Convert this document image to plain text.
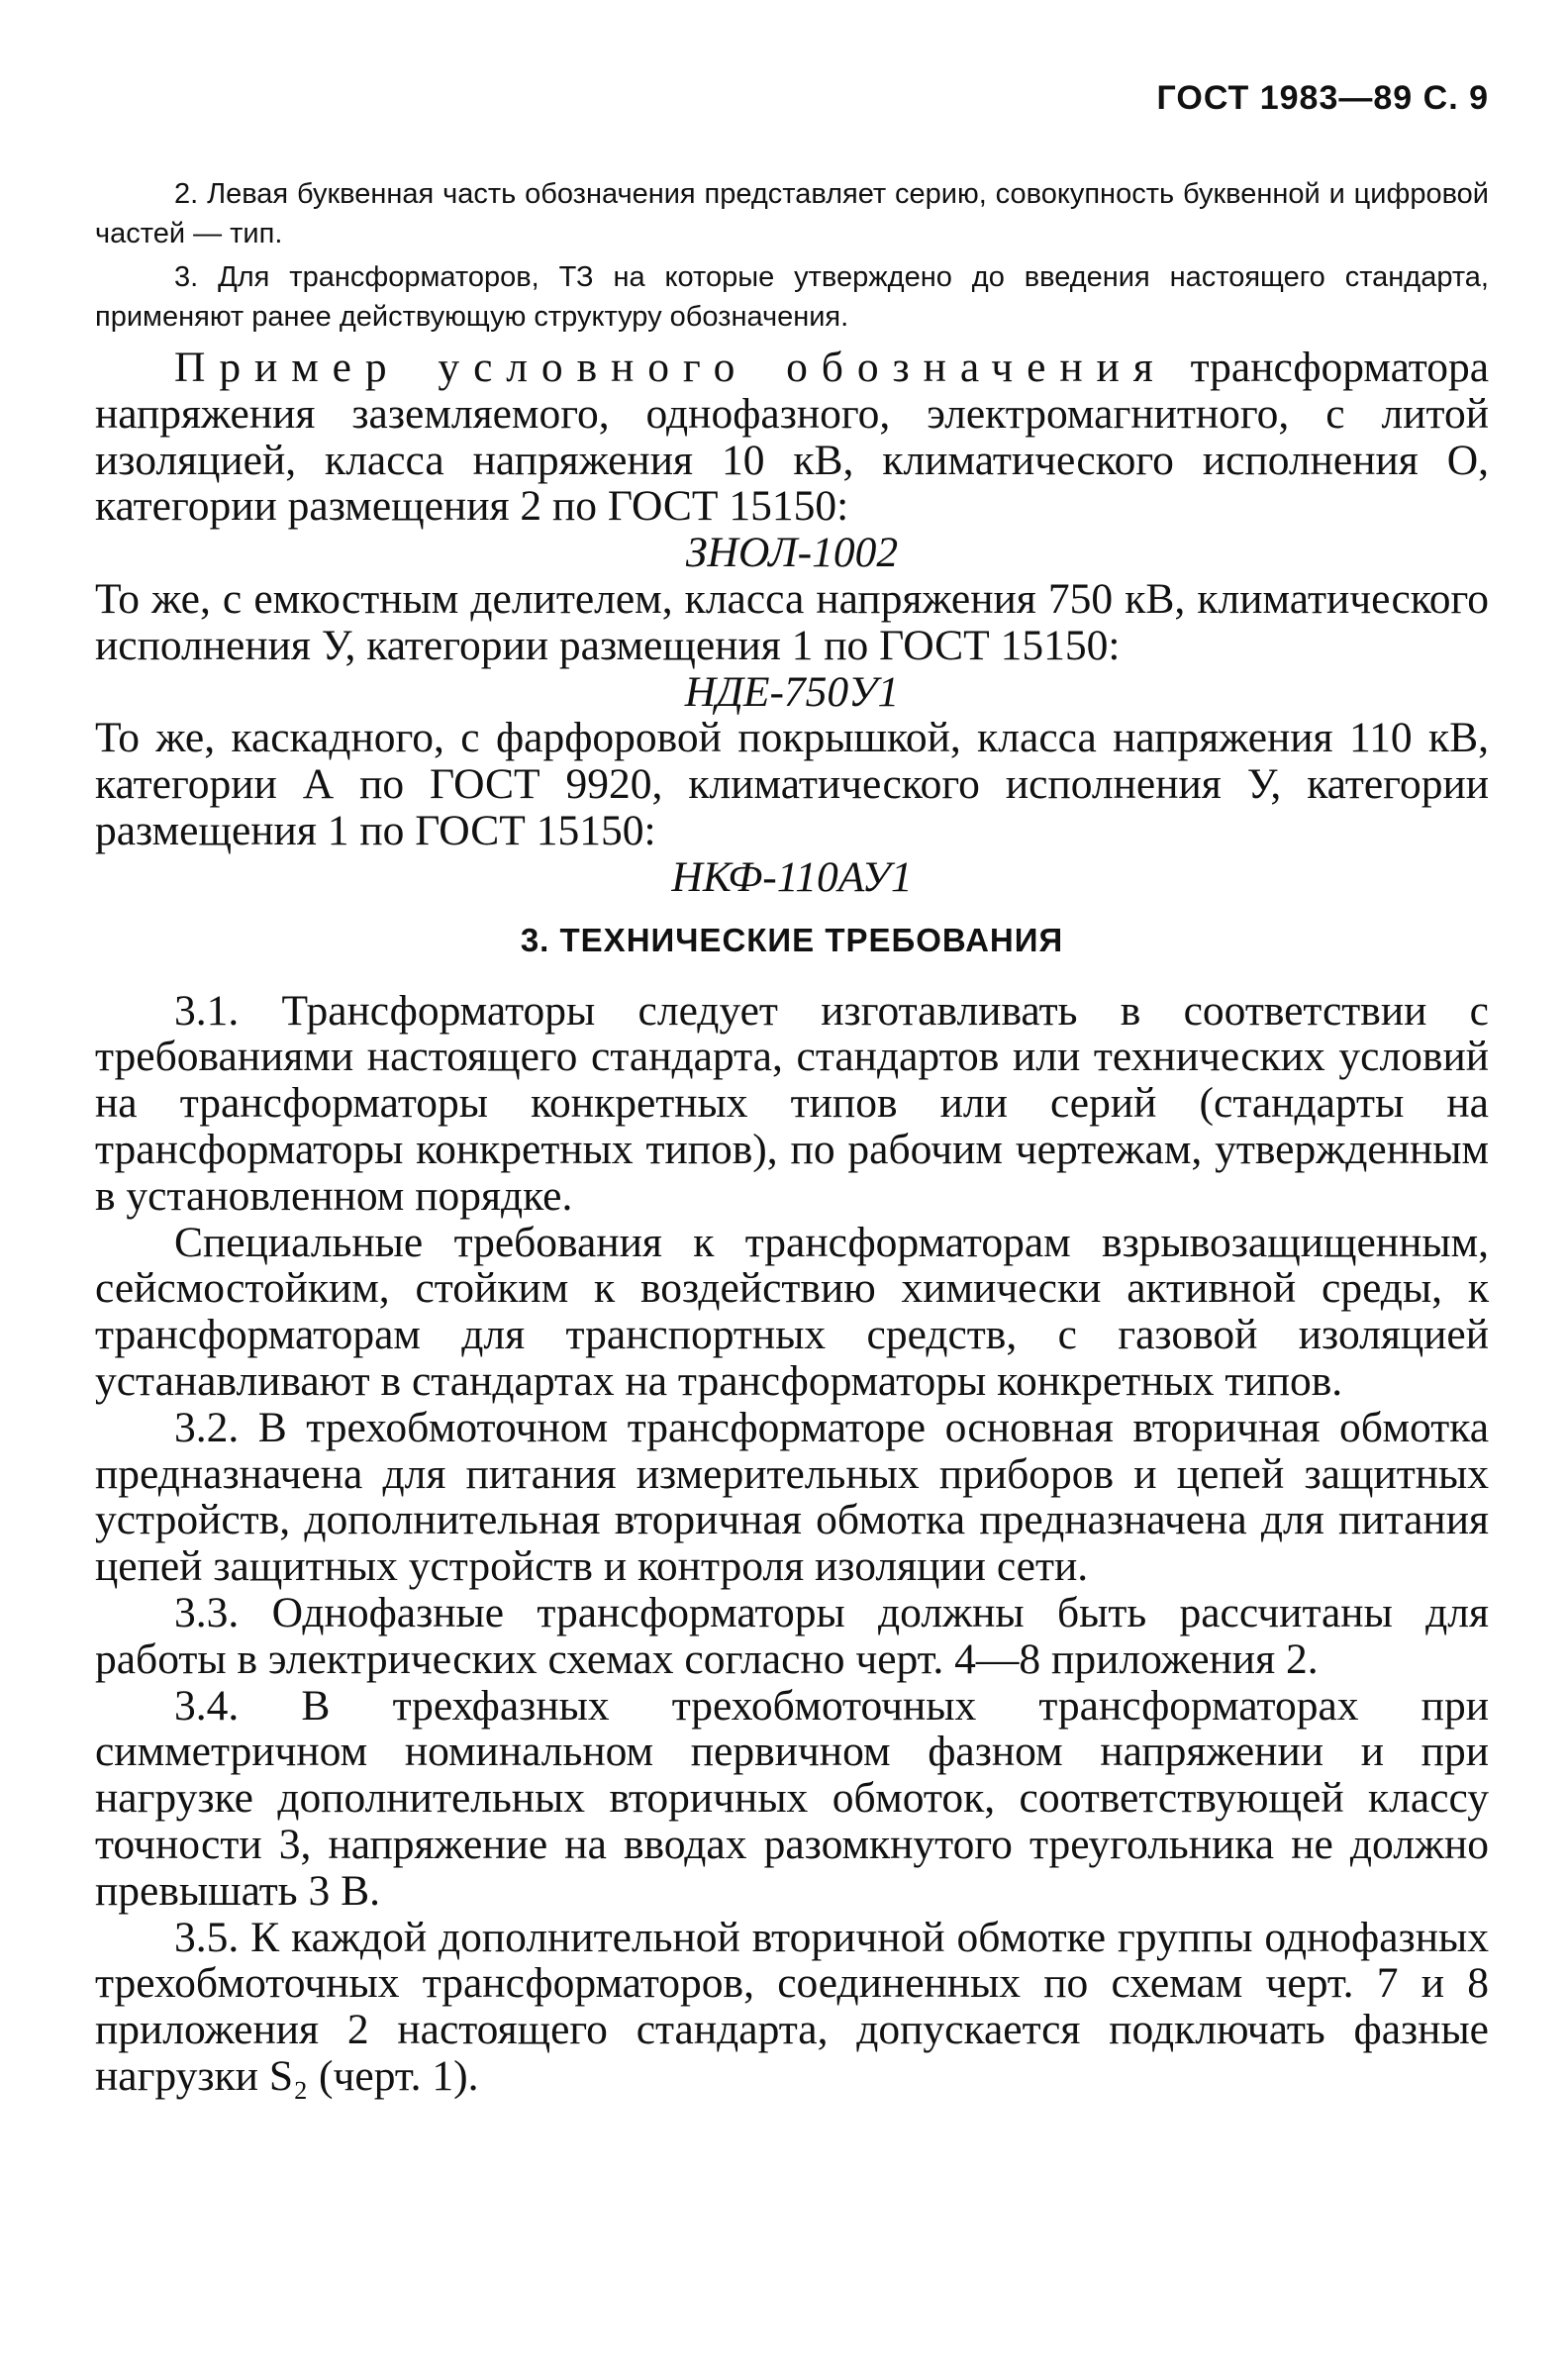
ГОСТ 1983—89 С. 9

2. Левая буквенная часть обозначения представляет серию, совокупность буквенной и цифровой частей — тип.

3. Для трансформаторов, ТЗ на которые утверждено до введения настоящего стандарта, применяют ранее действующую структуру обозначения.

Пример условного обозначения трансформатора напряжения заземляемого, однофазного, электромагнитного, с литой изоляцией, класса напряжения 10 кВ, климатического исполнения О, категории размещения 2 по ГОСТ 15150:

ЗНОЛ-1002

То же, с емкостным делителем, класса напряжения 750 кВ, климатического исполнения У, категории размещения 1 по ГОСТ 15150:

НДЕ-750У1

То же, каскадного, с фарфоровой покрышкой, класса напряжения 110 кВ, категории А по ГОСТ 9920, климатического исполнения У, категории размещения 1 по ГОСТ 15150:

НКФ-110АУ1

3. ТЕХНИЧЕСКИЕ ТРЕБОВАНИЯ

3.1. Трансформаторы следует изготавливать в соответствии с требованиями настоящего стандарта, стандартов или технических условий на трансформаторы конкретных типов или серий (стандарты на трансформаторы конкретных типов), по рабочим чертежам, утвержденным в установленном порядке.

Специальные требования к трансформаторам взрывозащищенным, сейсмостойким, стойким к воздействию химически активной среды, к трансформаторам для транспортных средств, с газовой изоляцией устанавливают в стандартах на трансформаторы конкретных типов.

3.2. В трехобмоточном трансформаторе основная вторичная обмотка предназначена для питания измерительных приборов и цепей защитных устройств, дополнительная вторичная обмотка предназначена для питания цепей защитных устройств и контроля изоляции сети.

3.3. Однофазные трансформаторы должны быть рассчитаны для работы в электрических схемах согласно черт. 4—8 приложения 2.

3.4. В трехфазных трехобмоточных трансформаторах при симметричном номинальном первичном фазном напряжении и при нагрузке дополнительных вторичных обмоток, соответствующей классу точности 3, напряжение на вводах разомкнутого треугольника не должно превышать 3 В.

3.5. К каждой дополнительной вторичной обмотке группы однофазных трехобмоточных трансформаторов, соединенных по схемам черт. 7 и 8 приложения 2 настоящего стандарта, допускается подключать фазные нагрузки S₂ (черт. 1).
